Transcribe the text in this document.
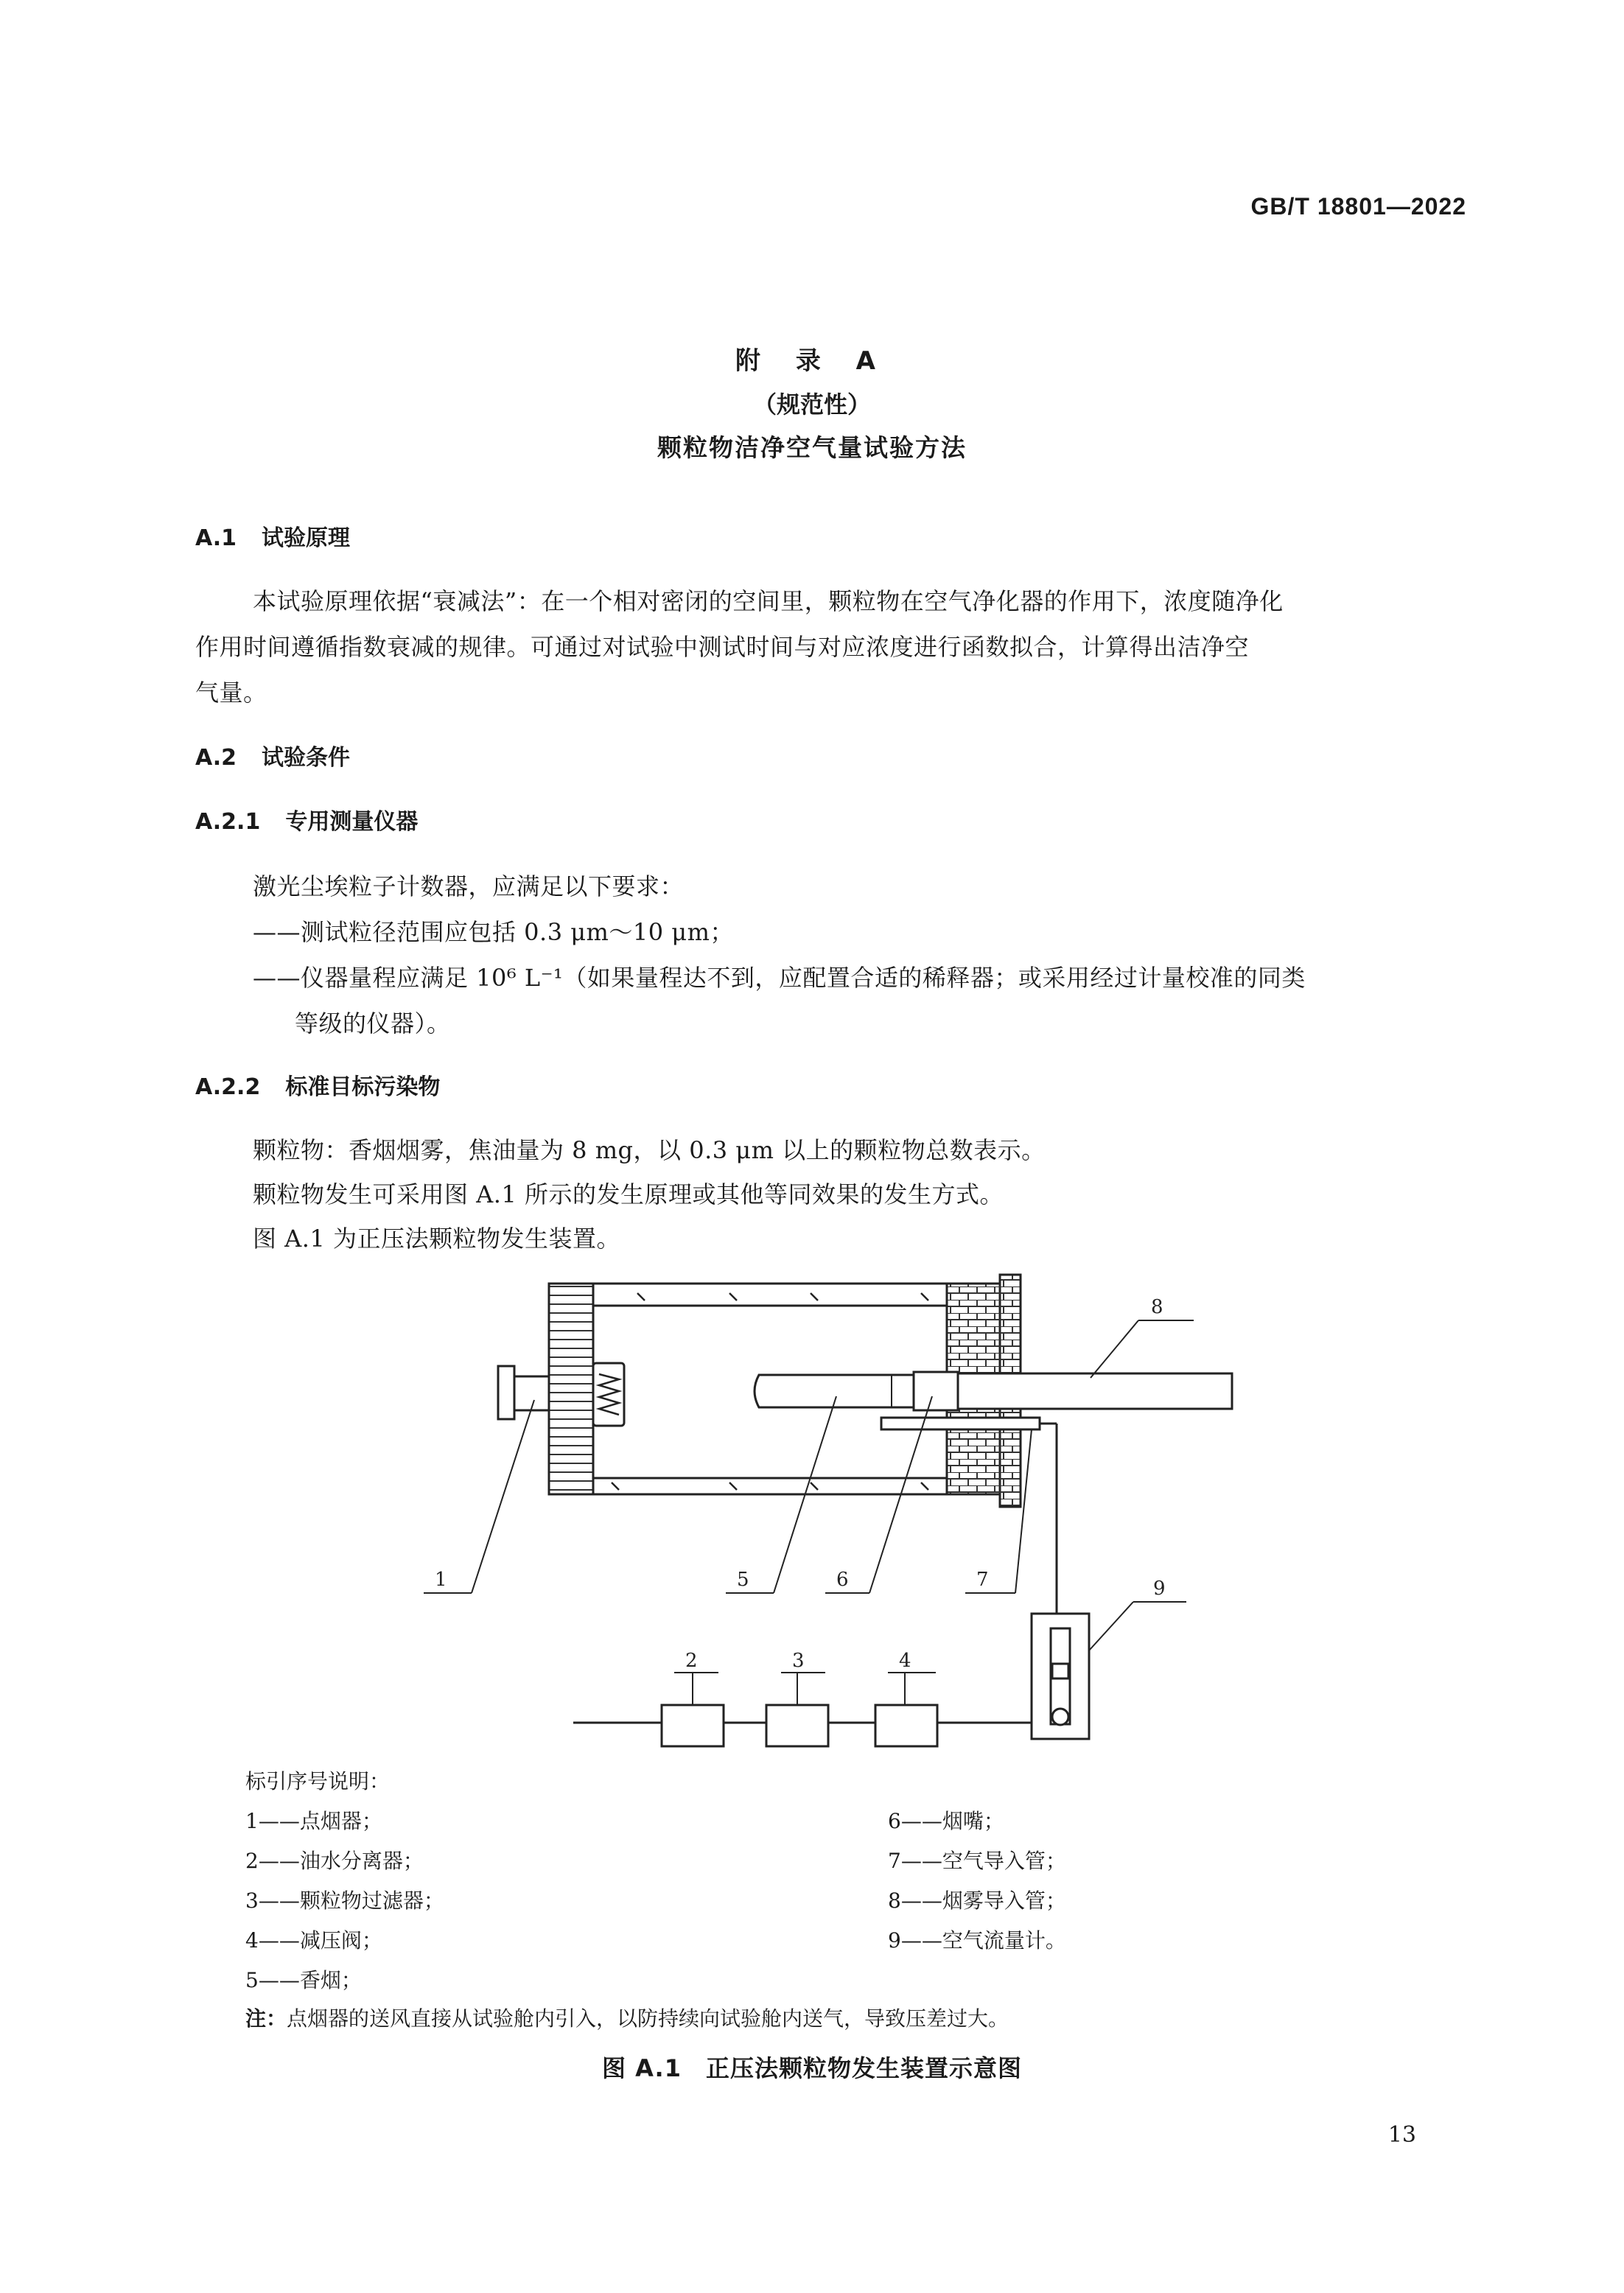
GB/T 18801—2022
附 录 A
（规范性）
颗粒物洁净空气量试验方法
A.1 试验原理
本试验原理依据“衰减法”：在一个相对密闭的空间里，颗粒物在空气净化器的作用下，浓度随净化
作用时间遵循指数衰减的规律。可通过对试验中测试时间与对应浓度进行函数拟合，计算得出洁净空
气量。
A.2 试验条件
A.2.1 专用测量仪器
激光尘埃粒子计数器，应满足以下要求：
——测试粒径范围应包括 0.3 μm～10 μm；
——仪器量程应满足 10⁶ L⁻¹（如果量程达不到，应配置合适的稀释器；或采用经过计量校准的同类
等级的仪器）。
A.2.2 标准目标污染物
颗粒物：香烟烟雾，焦油量为 8 mg，以 0.3 μm 以上的颗粒物总数表示。
颗粒物发生可采用图 A.1 所示的发生原理或其他等同效果的发生方式。
图 A.1 为正压法颗粒物发生装置。
1
2	3	4
5	6	7
8
9
标引序号说明：
1——点烟器；
2——油水分离器；
3——颗粒物过滤器；
4——减压阀；
5——香烟；
6——烟嘴；
7——空气导入管；
8——烟雾导入管；
9——空气流量计。
注：点烟器的送风直接从试验舱内引入，以防持续向试验舱内送气，导致压差过大。
图 A.1　正压法颗粒物发生装置示意图
13
